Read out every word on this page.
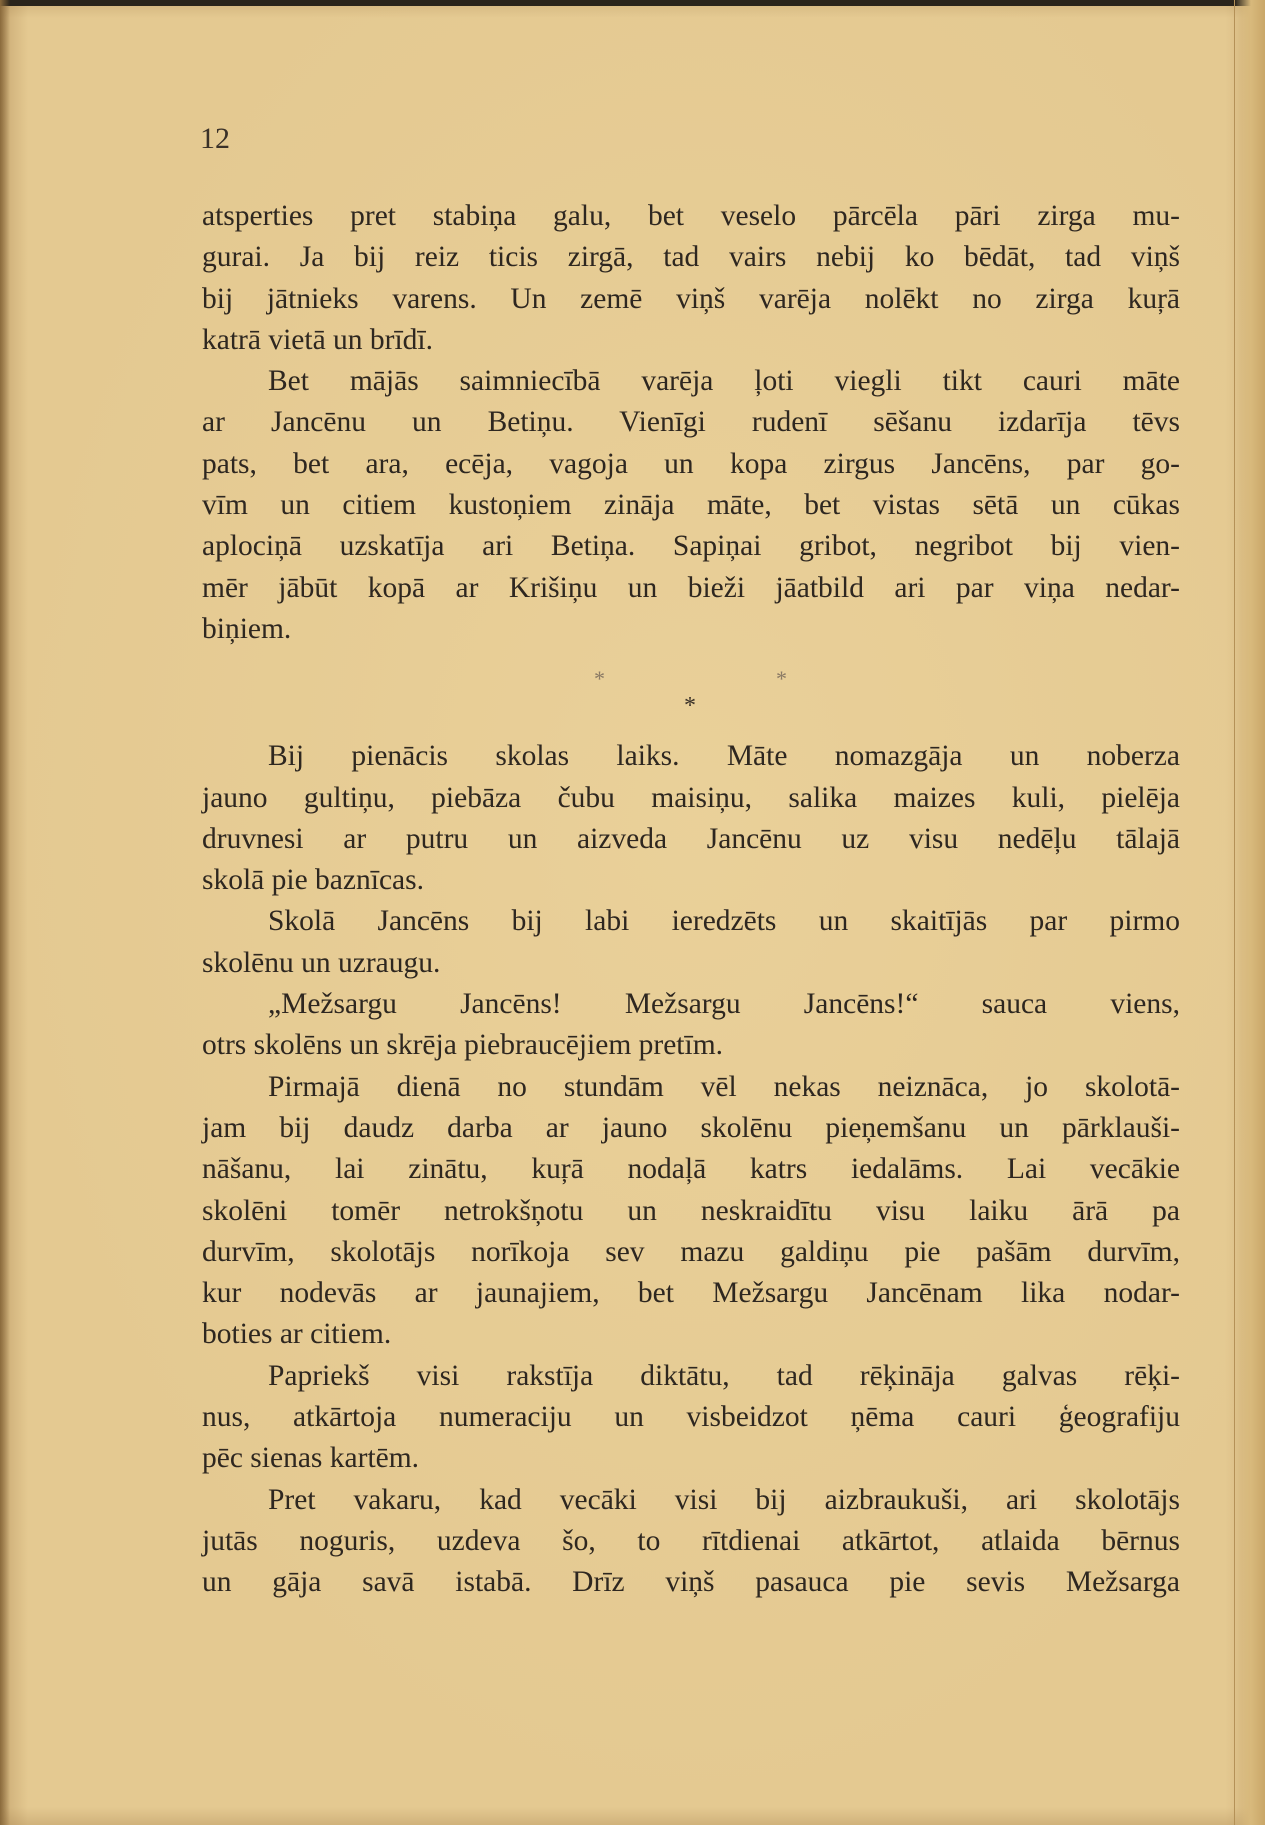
12
atsperties pret stabiņa galu, bet veselo pārcēla pāri zirga mu-
gurai. Ja bij reiz ticis zirgā, tad vairs nebij ko bēdāt, tad viņš
bij jātnieks varens. Un zemē viņš varēja nolēkt no zirga kuŗā
katrā vietā un brīdī.
Bet mājās saimniecībā varēja ļoti viegli tikt cauri māte
ar Jancēnu un Betiņu. Vienīgi rudenī sēšanu izdarīja tēvs
pats, bet ara, ecēja, vagoja un kopa zirgus Jancēns, par go-
vīm un citiem kustoņiem zināja māte, bet vistas sētā un cūkas
aplociņā uzskatīja ari Betiņa. Sapiņai gribot, negribot bij vien-
mēr jābūt kopā ar Krišiņu un bieži jāatbild ari par viņa nedar-
biņiem.
*	*
*
Bij pienācis skolas laiks. Māte nomazgāja un noberza
jauno gultiņu, piebāza čubu maisiņu, salika maizes kuli, pielēja
druvnesi ar putru un aizveda Jancēnu uz visu nedēļu tālajā
skolā pie baznīcas.
Skolā Jancēns bij labi ieredzēts un skaitījās par pirmo
skolēnu un uzraugu.
„Mežsargu Jancēns! Mežsargu Jancēns!“ sauca viens,
otrs skolēns un skrēja piebraucējiem pretīm.
Pirmajā dienā no stundām vēl nekas neiznāca, jo skolotā-
jam bij daudz darba ar jauno skolēnu pieņemšanu un pārklauši-
nāšanu, lai zinātu, kuŗā nodaļā katrs iedalāms. Lai vecākie
skolēni tomēr netrokšņotu un neskraidītu visu laiku ārā pa
durvīm, skolotājs norīkoja sev mazu galdiņu pie pašām durvīm,
kur nodevās ar jaunajiem, bet Mežsargu Jancēnam lika nodar-
boties ar citiem.
Papriekš visi rakstīja diktātu, tad rēķināja galvas rēķi-
nus, atkārtoja numeraciju un visbeidzot ņēma cauri ģeografiju
pēc sienas kartēm.
Pret vakaru, kad vecāki visi bij aizbraukuši, ari skolotājs
jutās noguris, uzdeva šo, to rītdienai atkārtot, atlaida bērnus
un gāja savā istabā. Drīz viņš pasauca pie sevis Mežsarga
